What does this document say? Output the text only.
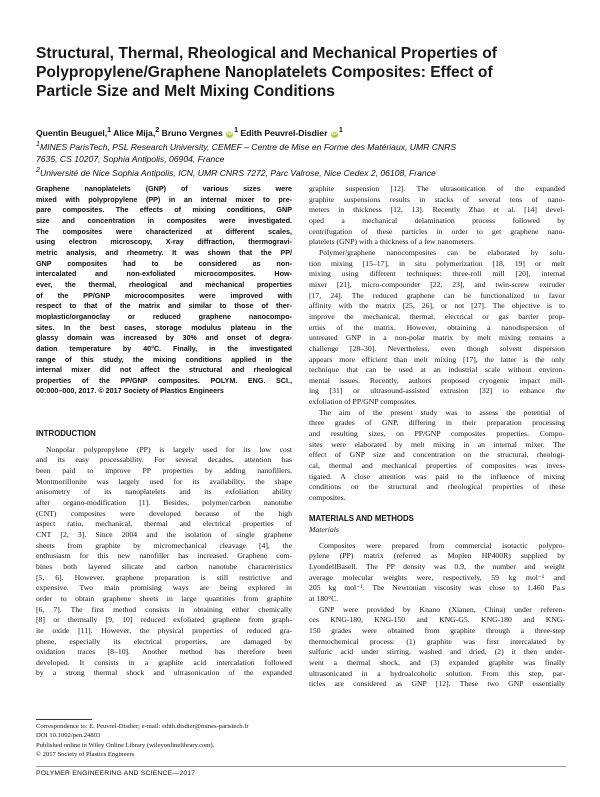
Structural, Thermal, Rheological and Mechanical Properties of
Polypropylene/Graphene Nanoplatelets Composites: Effect of
Particle Size and Melt Mixing Conditions
Quentin Beuguel,$^1$ Alice Mija,$^2$ Bruno Vergnes iD $^1$ Edith Peuvrel-Disdier iD $^1$
$^1$MINES ParisTech, PSL Research University, CEMEF – Centre de Mise en Forme des Matériaux, UMR CNRS
7635, CS 10207, Sophia Antipolis, 06904, France
$^2$Université de Nice Sophia Antipolis, ICN, UMR CNRS 7272, Parc Valrose, Nice Cedex 2, 06108, France
Graphene nanoplatelets (GNP) of various sizes were
mixed with polypropylene (PP) in an internal mixer to pre-
pare composites. The effects of mixing conditions, GNP
size and concentration in composites were investigated.
The composites were characterized at different scales,
using electron microscopy, X-ray diffraction, thermogravi-
metric analysis, and rheometry. It was shown that the PP/
GNP composites had to be considered as non-
intercalated and non-exfoliated microcomposites. How-
ever, the thermal, rheological and mechanical properties
of the PP/GNP microcomposites were improved with
respect to that of the matrix and similar to those of ther-
moplastic/organoclay or reduced graphene nanocompo-
sites. In the best cases, storage modulus plateau in the
glassy domain was increased by 30% and onset of degra-
dation temperature by 40°C. Finally, in the investigated
range of this study, the mixing conditions applied in the
internal mixer did not affect the structural and rheological
properties of the PP/GNP composites. POLYM. ENG. SCI.,
00:000–000, 2017. © 2017 Society of Plastics Engineers
INTRODUCTION
Nonpolar polypropylene (PP) is largely used for its low cost
and its easy processability. For several decades, attention has
been paid to improve PP properties by adding nanofillers.
Montmorillonite was largely used for its availability, the shape
anisometry of its nanoplatelets and its exfoliation ability
after organo-modification [1]. Besides, polymer/carbon nanotube
(CNT) composites were developed because of the high
aspect ratio, mechanical, thermal and electrical properties of
CNT [2, 3]. Since 2004 and the isolation of single graphene
sheets from graphite by micromechanical cleavage [4], the
enthusiasm for this new nanofiller has increased. Graphene com-
bines both layered silicate and carbon nanotube characteristics
[5, 6]. However, graphene preparation is still restrictive and
expensive. Two main promising ways are being explored in
order to obtain graphene sheets in large quantities from graphite
[6, 7]. The first method consists in obtaining either chemically
[8] or thermally [9, 10] reduced exfoliated graphene from graph-
ite oxide [11]. However, the physical properties of reduced gra-
phene, especially its electrical properties, are damaged by
oxidation traces [8–10]. Another method has therefore been
developed. It consists in a graphite acid intercalation followed
by a strong thermal shock and ultrasonication of the expanded
Correspondence to: E. Peuvrel-Disdier; e-mail: edith.disdier@mines-paristech.fr
DOI 10.1002/pen.24803
Published online in Wiley Online Library (wileyonlinelibrary.com).
© 2017 Society of Plastics Engineers
graphite suspension [12]. The ultrasonication of the expanded
graphite suspensions results in stacks of several tens of nano-
meters in thickness [12, 13]. Recently Zhao et al. [14] devel-
oped a mechanical delamination process followed by
centrifugation of these particles in order to get graphene nano-
platelets (GNP) with a thickness of a few nanometers.
Polymer/graphene nanocomposites can be elaborated by solu-
tion mixing [15–17], in situ polymerization [18, 19] or melt
mixing using different techniques: three-roll mill [20], internal
mixer [21], micro-compounder [22, 23], and twin-screw extruder
[17, 24]. The reduced graphene can be functionalized to favor
affinity with the matrix [25, 26], or not [27]. The objective is to
improve the mechanical, thermal, electrical or gas barrier prop-
erties of the matrix. However, obtaining a nanodispersion of
untreated GNP in a non-polar matrix by melt mixing remains a
challenge [28–30]. Nevertheless, even though solvent dispersion
appears more efficient than melt mixing [17], the latter is the only
technique that can be used at an industrial scale without environ-
mental issues. Recently, authors proposed cryogenic impact mill-
ing [31] or ultrasound-assisted extrusion [32] to enhance the
exfoliation of PP/GNP composites.
The aim of the present study was to assess the potential of
three grades of GNP, differing in their preparation processing
and resulting sizes, on PP/GNP composites properties. Compo-
sites were elaborated by melt mixing in an internal mixer. The
effect of GNP size and concentration on the structural, rheologi-
cal, thermal and mechanical properties of composites was inves-
tigated. A close attention was paid to the influence of mixing
conditions on the structural and rheological properties of these
composites.
MATERIALS AND METHODS
Materials
Composites were prepared from commercial isotactic polypro-
pylene (PP) matrix (referred as Moplen HP400R) supplied by
LyondellBasell. The PP density was 0.9, the number and weight
average molecular weights were, respectively, 59 kg mol⁻¹ and
205 kg mol⁻¹. The Newtonian viscosity was close to 1,460 Pa.s
at 180°C.
GNP were provided by Knano (Xianen, China) under referen-
ces KNG-180, KNG-150 and KNG-G5. KNG-180 and KNG-
150 grades were obtained from graphite through a three-step
thermochemical process: (1) graphite was first intercalated by
sulfuric acid under stirring, washed and dried, (2) it then under-
went a thermal shock, and (3) expanded graphite was finally
ultrasonicated in a hydroalcoholic solution. From this step, par-
ticles are considered as GNP [12]. These two GNP essentially
POLYMER ENGINEERING AND SCIENCE—2017
